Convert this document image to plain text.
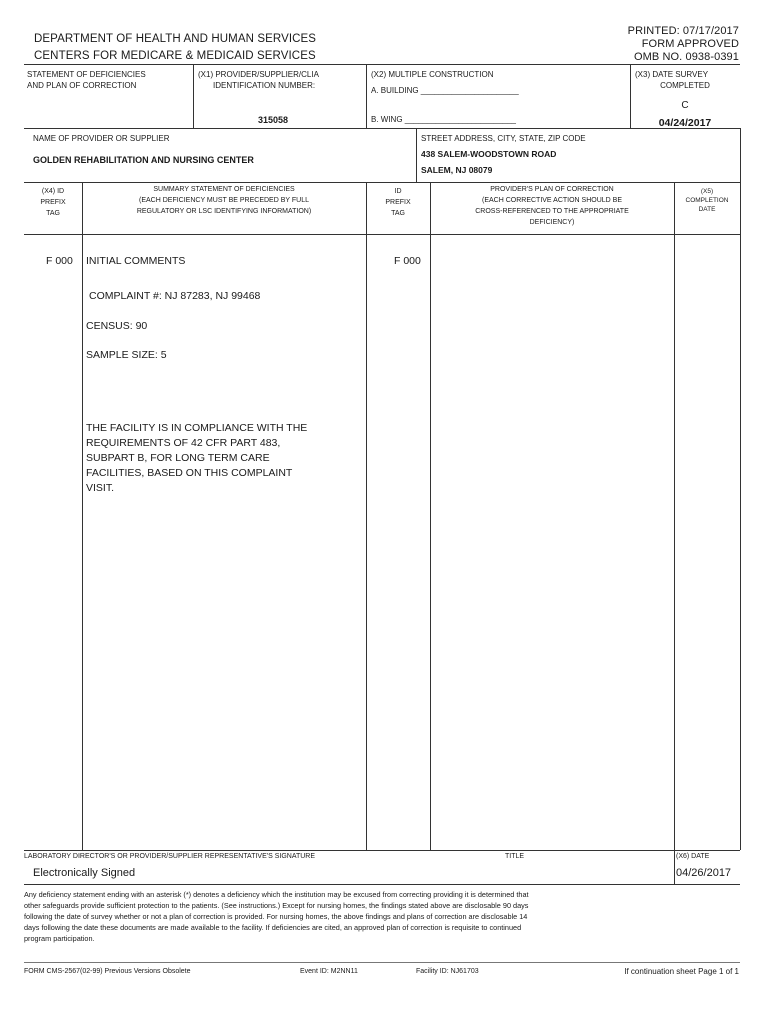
DEPARTMENT OF HEALTH AND HUMAN SERVICES
CENTERS FOR MEDICARE & MEDICAID SERVICES
PRINTED: 07/17/2017
FORM APPROVED
OMB NO. 0938-0391
STATEMENT OF DEFICIENCIES
AND PLAN OF CORRECTION
(X1) PROVIDER/SUPPLIER/CLIA
IDENTIFICATION NUMBER:
315058
(X2) MULTIPLE CONSTRUCTION
A. BUILDING ______________________
B. WING _________________________
(X3) DATE SURVEY
COMPLETED
C
04/24/2017
NAME OF PROVIDER OR SUPPLIER
GOLDEN REHABILITATION AND NURSING CENTER
STREET ADDRESS, CITY, STATE, ZIP CODE
438 SALEM-WOODSTOWN ROAD
SALEM, NJ 08079
(X4) ID
PREFIX
TAG
SUMMARY STATEMENT OF DEFICIENCIES
(EACH DEFICIENCY MUST BE PRECEDED BY FULL
REGULATORY OR LSC IDENTIFYING INFORMATION)
ID
PREFIX
TAG
PROVIDER'S PLAN OF CORRECTION
(EACH CORRECTIVE ACTION SHOULD BE
CROSS-REFERENCED TO THE APPROPRIATE
DEFICIENCY)
(X5)
COMPLETION
DATE
F 000 INITIAL COMMENTS	F 000
COMPLAINT #: NJ 87283, NJ 99468
CENSUS: 90
SAMPLE SIZE: 5
THE FACILITY IS IN COMPLIANCE WITH THE
REQUIREMENTS OF 42 CFR PART 483,
SUBPART B, FOR LONG TERM CARE
FACILITIES, BASED ON THIS COMPLAINT
VISIT.
LABORATORY DIRECTOR'S OR PROVIDER/SUPPLIER REPRESENTATIVE'S SIGNATURE
Electronically Signed
TITLE	(X6) DATE
04/26/2017
Any deficiency statement ending with an asterisk (*) denotes a deficiency which the institution may be excused from correcting providing it is determined that
other safeguards provide sufficient protection to the patients. (See instructions.) Except for nursing homes, the findings stated above are disclosable 90 days
following the date of survey whether or not a plan of correction is provided. For nursing homes, the above findings and plans of correction are disclosable 14
days following the date these documents are made available to the facility. If deficiencies are cited, an approved plan of correction is requisite to continued
program participation.
FORM CMS-2567(02-99) Previous Versions Obsolete	Event ID: M2NN11	Facility ID: NJ61703	If continuation sheet Page 1 of 1
